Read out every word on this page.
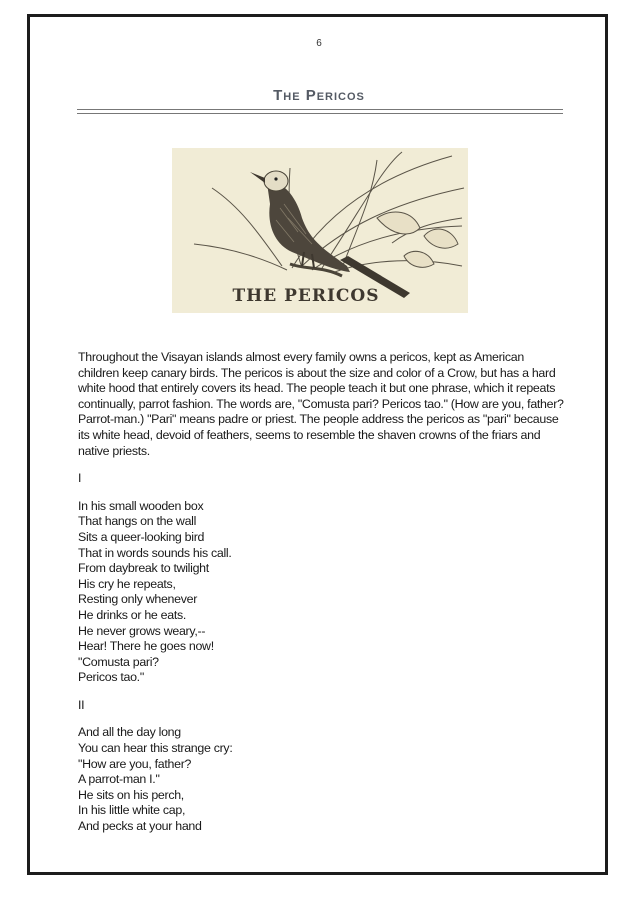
6
The Pericos
THE PERICOS

Throughout the Visayan islands almost every family owns a pericos, kept as American children keep canary birds. The pericos is about the size and color of a Crow, but has a hard white hood that entirely covers its head. The people teach it but one phrase, which it repeats continually, parrot fashion. The words are, "Comusta pari? Pericos tao." (How are you, father? Parrot-man.) "Pari" means padre or priest. The people address the pericos as "pari" because its white head, devoid of feathers, seems to resemble the shaven crowns of the friars and native priests.

I

In his small wooden box
That hangs on the wall
Sits a queer-looking bird
That in words sounds his call.
From daybreak to twilight
His cry he repeats,
Resting only whenever
He drinks or he eats.
He never grows weary,--
Hear! There he goes now!
"Comusta pari?
Pericos tao."

II

And all the day long
You can hear this strange cry:
"How are you, father?
A parrot-man I."
He sits on his perch,
In his little white cap,
And pecks at your hand
